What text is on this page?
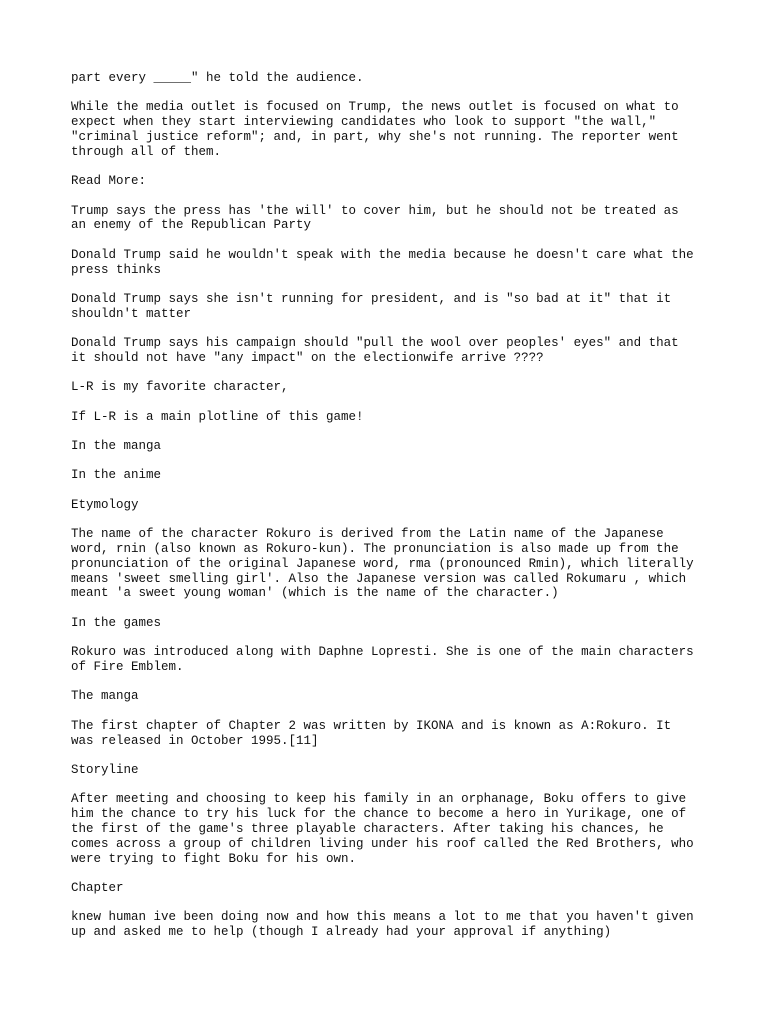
part every _____" he told the audience.

While the media outlet is focused on Trump, the news outlet is focused on what to
expect when they start interviewing candidates who look to support "the wall,"
"criminal justice reform"; and, in part, why she's not running. The reporter went
through all of them.

Read More:

Trump says the press has 'the will' to cover him, but he should not be treated as
an enemy of the Republican Party

Donald Trump said he wouldn't speak with the media because he doesn't care what the
press thinks

Donald Trump says she isn't running for president, and is "so bad at it" that it
shouldn't matter

Donald Trump says his campaign should "pull the wool over peoples' eyes" and that
it should not have "any impact" on the electionwife arrive ????

L-R is my favorite character,

If L-R is a main plotline of this game!

In the manga

In the anime

Etymology

The name of the character Rokuro is derived from the Latin name of the Japanese
word, rnin (also known as Rokuro-kun). The pronunciation is also made up from the
pronunciation of the original Japanese word, rma (pronounced Rmin), which literally
means 'sweet smelling girl'. Also the Japanese version was called Rokumaru , which
meant 'a sweet young woman' (which is the name of the character.)

In the games

Rokuro was introduced along with Daphne Lopresti. She is one of the main characters
of Fire Emblem.

The manga

The first chapter of Chapter 2 was written by IKONA and is known as A:Rokuro. It
was released in October 1995.[11]

Storyline

After meeting and choosing to keep his family in an orphanage, Boku offers to give
him the chance to try his luck for the chance to become a hero in Yurikage, one of
the first of the game's three playable characters. After taking his chances, he
comes across a group of children living under his roof called the Red Brothers, who
were trying to fight Boku for his own.

Chapter

knew human ive been doing now and how this means a lot to me that you haven't given
up and asked me to help (though I already had your approval if anything)
